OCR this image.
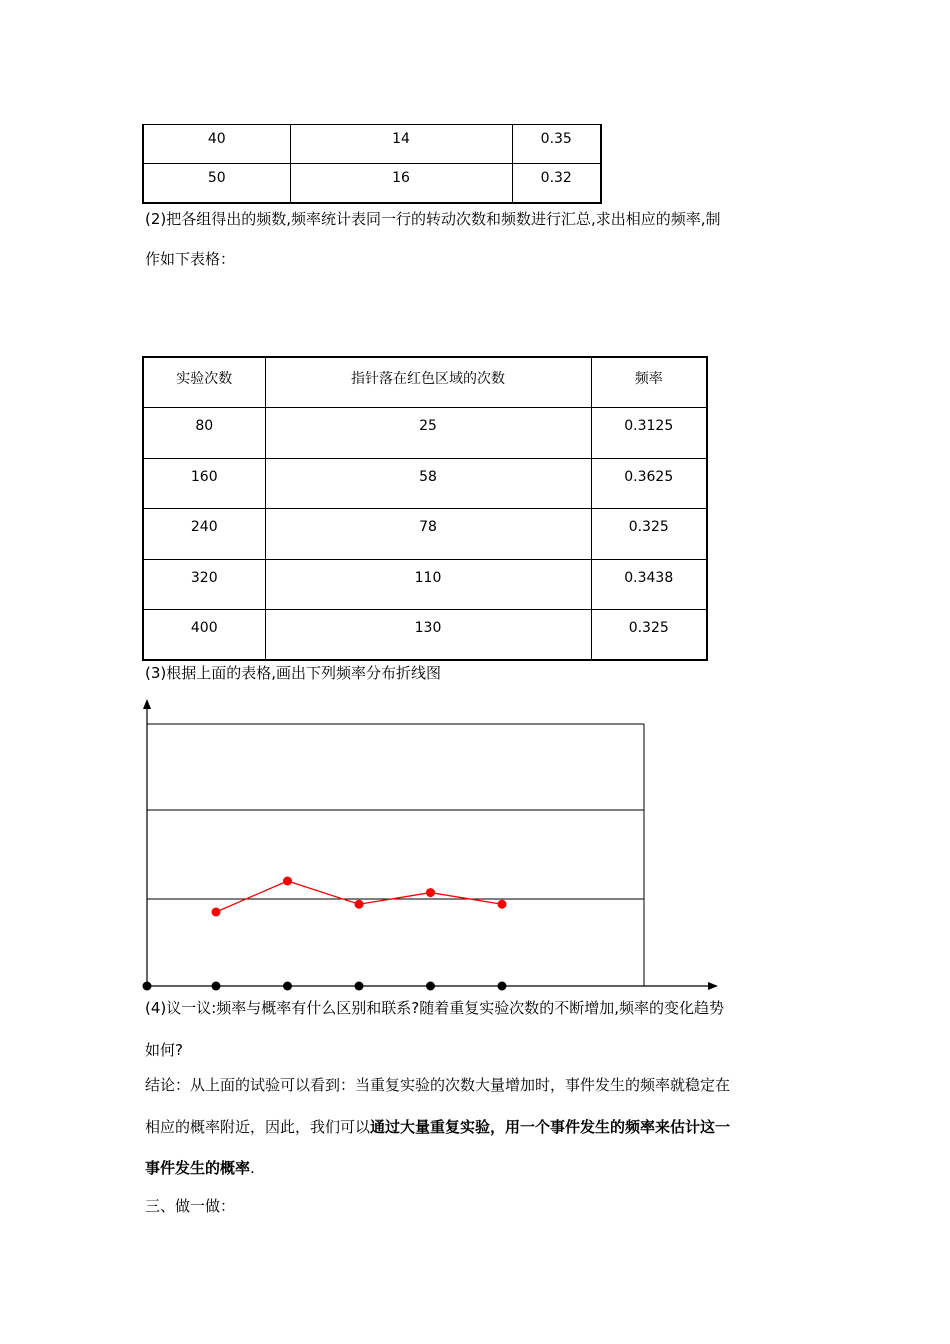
40	14	0.35
50	16	0.32

(2)把各组得出的频数,频率统计表同一行的转动次数和频数进行汇总,求出相应的频率,制

作如下表格：

实验次数	指针落在红色区域的次数	频率
80	25	0.3125
160	58	0.3625
240	78	0.325
320	110	0.3438
400	130	0.325

(3)根据上面的表格,画出下列频率分布折线图

(4)议一议:频率与概率有什么区别和联系?随着重复实验次数的不断增加,频率的变化趋势

如何?

结论：从上面的试验可以看到：当重复实验的次数大量增加时，事件发生的频率就稳定在

相应的概率附近，因此，我们可以通过大量重复实验，用一个事件发生的频率来估计这一

事件发生的概率.

三、做一做：
